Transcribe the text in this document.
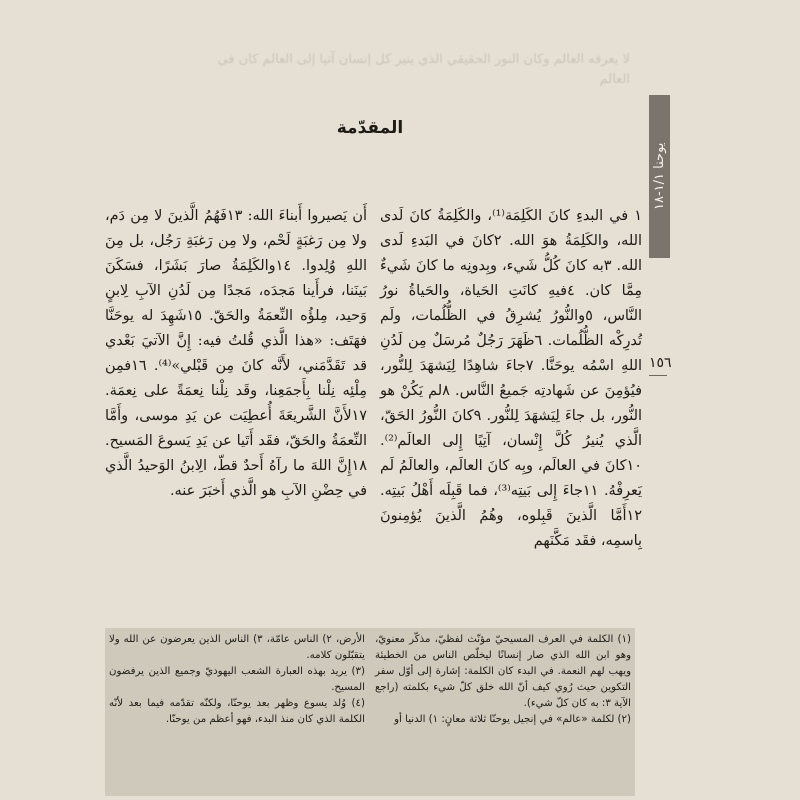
لا يعرفه العالم وكان النور الحقيقي الذي ينير كل إنسان آتيا إلى العالم كان في العالم
يوحنا ١/١-١٨
١٥٦
المقدّمة

١ في البدءِ كانَ الكَلِمَة⁽¹⁾، والكَلِمَةُ كانَ لَدى الله، والكَلِمَةُ هوَ الله. ٢كانَ في البَدءِ لَدى الله. ٣به كانَ كُلُّ شَيء، وبِدونِه ما كانَ شَيءٌ مِمَّا كان. ٤فيهِ كانَتِ الحَياة، والحَياةُ نورُ النَّاس، ٥والنُّورُ يُشرِقُ في الظُّلُمات، ولَم تُدرِكْه الظُّلُمات. ٦ظَهَرَ رَجُلٌ مُرسَلٌ مِن لَدُنِ اللهِ اسْمُه يوحَنَّا. ٧جاءَ شاهِدًا لِيَشهَدَ لِلنُّور، فيُؤمِنَ عن شَهادتِه جَميعُ النَّاس. ٨لم يَكُنْ هو النُّور، بل جاءَ لِيَشهَدَ لِلنُّور. ٩كانَ النُّورُ الحَقّ، الَّذي يُنيرُ كُلَّ إِنْسان، آتِيًا إِلى العالَم⁽²⁾. ١٠كانَ في العالَم، وبِه كانَ العالَم، والعالَمُ لَم يَعرِفْهُ. ١١جاءَ إِلى بَيتِه⁽³⁾، فما قَبِلَه أَهْلُ بَيتِه. ١٢أَمَّا الَّذينَ قَبِلوه، وهُمُ الَّذينَ يُؤمِنونَ بِاسمِه، فقَد مَكَّنَهم

أَن يَصيروا أَبناءَ الله: ١٣فَهُمُ الَّذينَ لا مِن دَم، ولا مِن رَغبَةٍ لَحْم، ولا مِن رَغبَةِ رَجُل، بل مِنَ اللهِ وُلِدوا. ١٤والكَلِمَةُ صارَ بَشَرًا، فسَكَنَ بَينَنا، فرأَينا مَجدَه، مَجدًا مِن لَدُنِ الآبِ لِابنٍ وَحيد، مِلؤُه النِّعمَةُ والحَقّ. ١٥شَهِدَ له يوحَنَّا فهَتَف: «هذا الَّذي قُلتُ فيه: إِنَّ الآتيَ بَعْدي قد تَقَدَّمَني، لأَنَّه كانَ مِن قَبْلي»⁽⁴⁾. ١٦فمِن مِلْئِه نِلْنا بِأَجمَعِنا، وقَد نِلْنا نِعمَةً على نِعمَة. ١٧لأَنَّ الشَّريعَةَ أُعطِيَت عن يَدِ موسى، وأَمَّا النِّعمَةُ والحَقّ، فقَد أَتَيا عن يَدِ يَسوعَ المَسيح. ١٨إِنَّ اللهَ ما رآهُ أَحدٌ قطّ، الِابنُ الوَحيدُ الَّذي في حِضْنِ الآبِ هو الَّذي أَخبَرَ عنه.

(١) الكلمة في العرف المسيحيّ مؤنّث لفظيّ، مذكّر معنويّ، وهو ابن الله الذي صار إنسانًا ليخلّص الناس من الخطيئة ويهب لهم النعمة. في البدء كان الكلمة: إشارة إلى أوّل سفر التكوين حيث رُوي كيف أنّ الله خلق كلّ شيء بكلمته (راجع الآية ٣: به كان كلّ شيء).

(٢) لكلمة «عالم» في إنجيل يوحنّا ثلاثة معانٍ: ١) الدنيا أو

الأرض، ٢) الناس عامّة، ٣) الناس الذين يعرضون عن الله ولا يتقبّلون كلامه.

(٣) يريد بهذه العبارة الشعب اليهوديّ وجميع الذين يرفضون المسيح.

(٤) وُلد يسوع وظهر بعد يوحنّا، ولكنّه تقدّمه فيما بعد لأنّه الكلمة الذي كان منذ البدء، فهو أعظم من يوحنّا.
